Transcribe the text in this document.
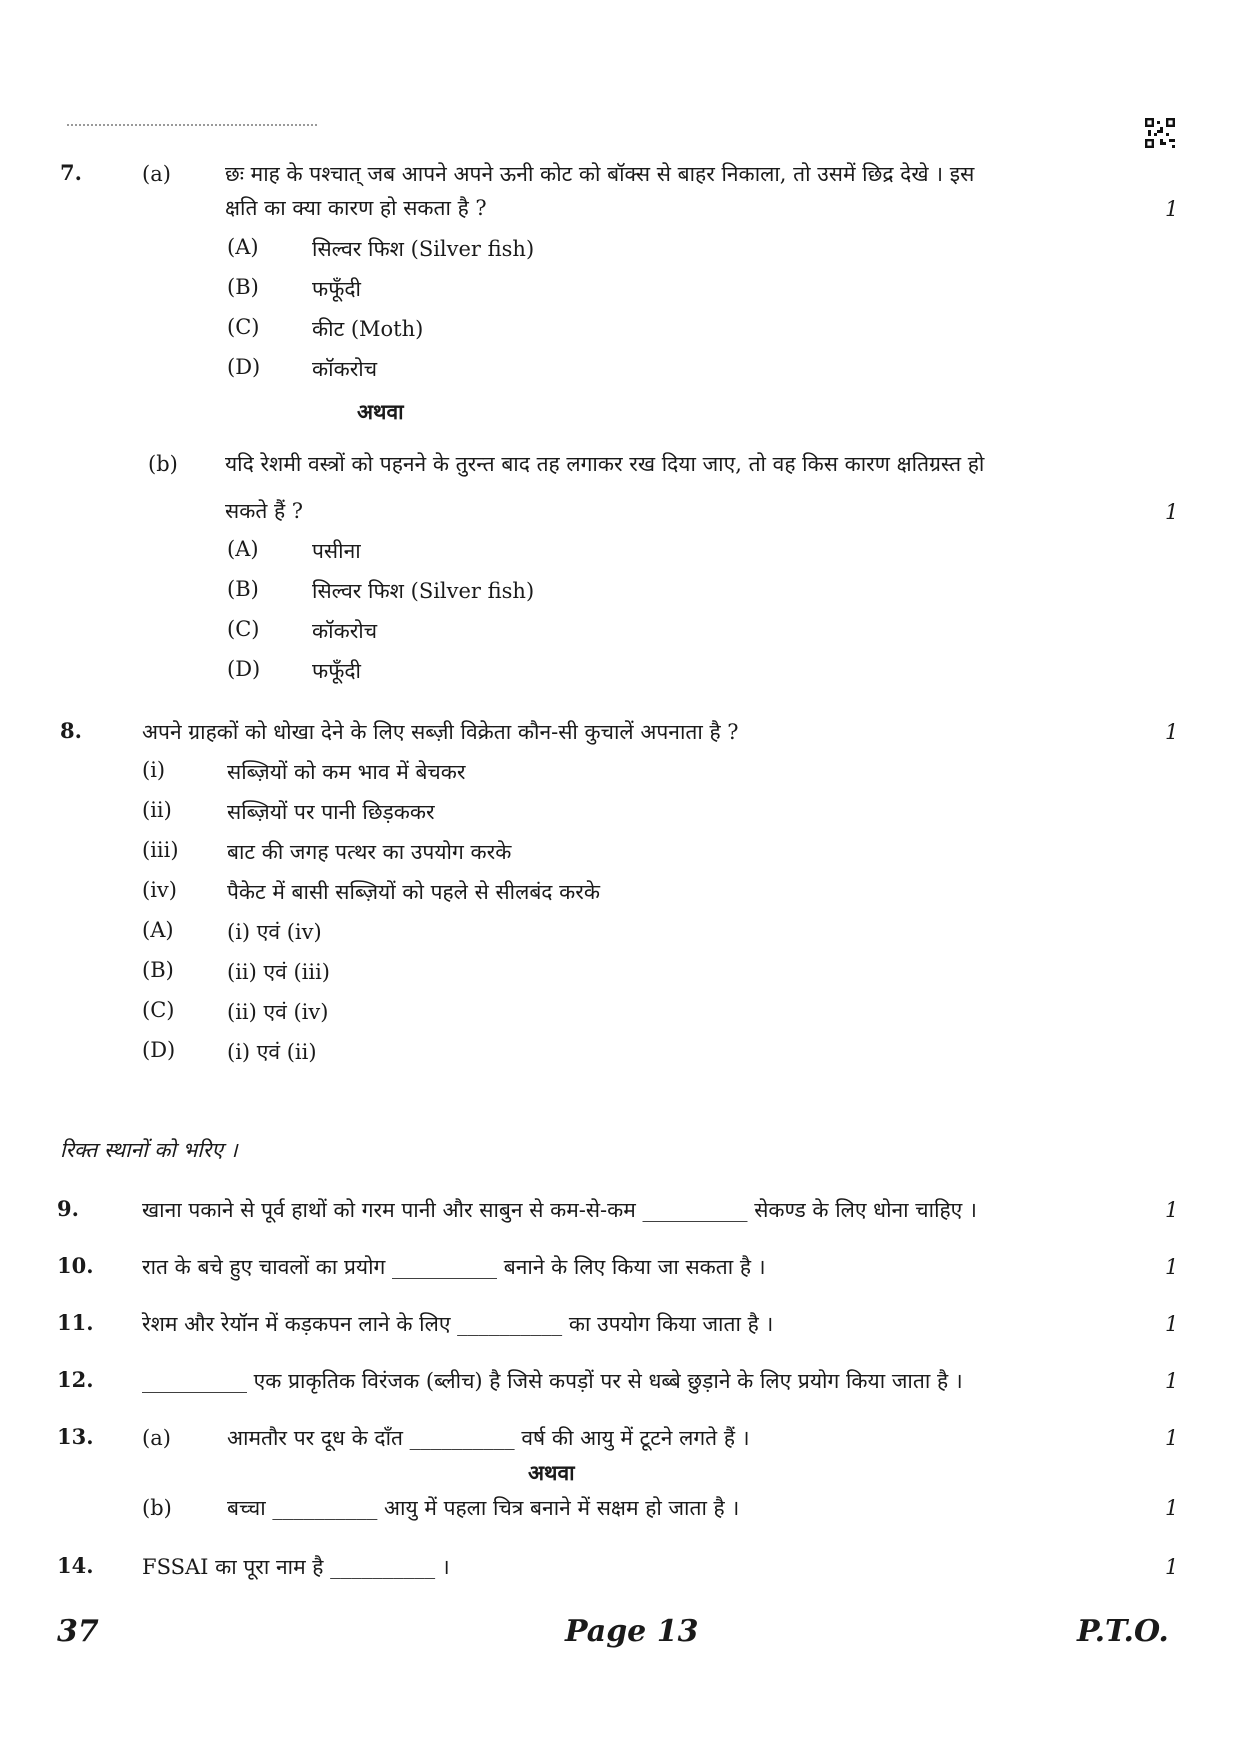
7.	(a)	छः माह के पश्चात् जब आपने अपने ऊनी कोट को बॉक्स से बाहर निकाला, तो उसमें छिद्र देखे । इस
क्षति का क्या कारण हो सकता है ?	1
(A)	सिल्वर फिश (Silver fish)
(B)	फफूँदी
(C)	कीट (Moth)
(D) कॉकरोच
अथवा
(b) यदि रेशमी वस्त्रों को पहनने के तुरन्त बाद तह लगाकर रख दिया जाए, तो वह किस कारण क्षतिग्रस्त हो
सकते हैं ?	1
(A)	पसीना
(B)	सिल्वर फिश (Silver fish)
(C)	कॉकरोच
(D) फफूँदी
8.	अपने ग्राहकों को धोखा देने के लिए सब्ज़ी विक्रेता कौन-सी कुचालें अपनाता है ?	1
(i)	सब्ज़ियों को कम भाव में बेचकर
(ii)	सब्ज़ियों पर पानी छिड़ककर
(iii) बाट की जगह पत्थर का उपयोग करके
(iv) पैकेट में बासी सब्ज़ियों को पहले से सीलबंद करके
(A)	(i) एवं (iv)
(B)	(ii) एवं (iii)
(C)	(ii) एवं (iv)
(D) (i) एवं (ii)
रिक्त स्थानों को भरिए ।
9.	खाना पकाने से पूर्व हाथों को गरम पानी और साबुन से कम-से-कम __________ सेकण्ड के लिए धोना चाहिए ।	1
10. रात के बचे हुए चावलों का प्रयोग __________ बनाने के लिए किया जा सकता है ।	1
11. रेशम और रेयॉन में कड़कपन लाने के लिए __________ का उपयोग किया जाता है ।	1
12. __________ एक प्राकृतिक विरंजक (ब्लीच) है जिसे कपड़ों पर से धब्बे छुड़ाने के लिए प्रयोग किया जाता है ।	1
13. (a)	आमतौर पर दूध के दाँत __________ वर्ष की आयु में टूटने लगते हैं ।	1
अथवा
(b)	बच्चा __________ आयु में पहला चित्र बनाने में सक्षम हो जाता है ।	1
14. FSSAI का पूरा नाम है __________ ।	1
37	Page 13	P.T.O.
